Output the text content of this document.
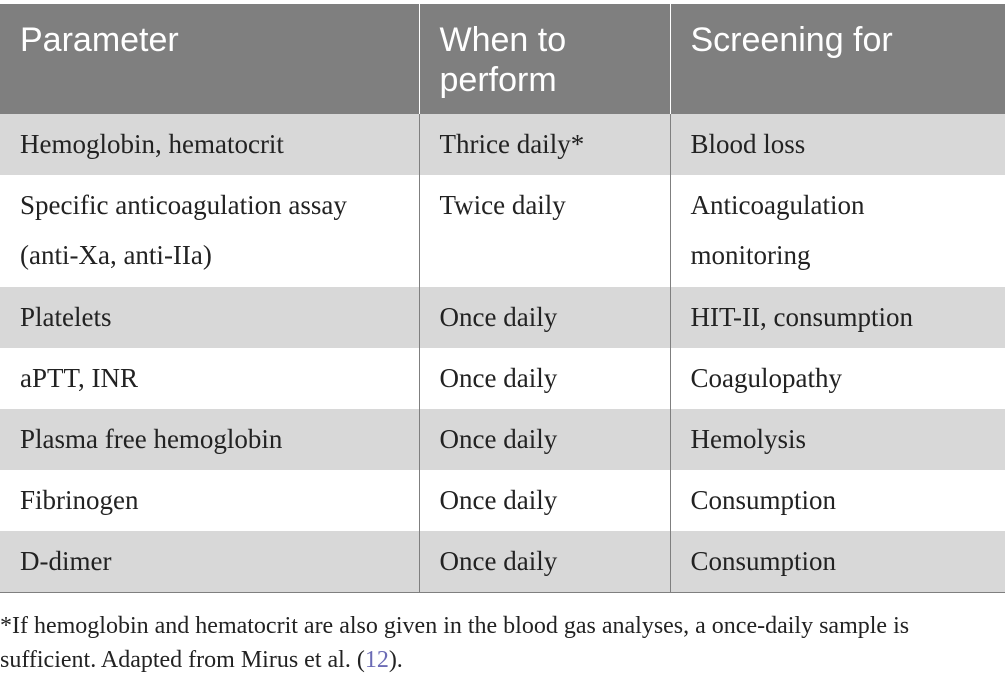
Parameter	When to perform	Screening for
Hemoglobin, hematocrit	Thrice daily*	Blood loss
Specific anticoagulation assay (anti-Xa, anti-IIa)	Twice daily	Anticoagulation monitoring
Platelets	Once daily	HIT-II, consumption
aPTT, INR	Once daily	Coagulopathy
Plasma free hemoglobin	Once daily	Hemolysis
Fibrinogen	Once daily	Consumption
D-dimer	Once daily	Consumption
*If hemoglobin and hematocrit are also given in the blood gas analyses, a once-daily sample is sufficient. Adapted from Mirus et al. (12).
